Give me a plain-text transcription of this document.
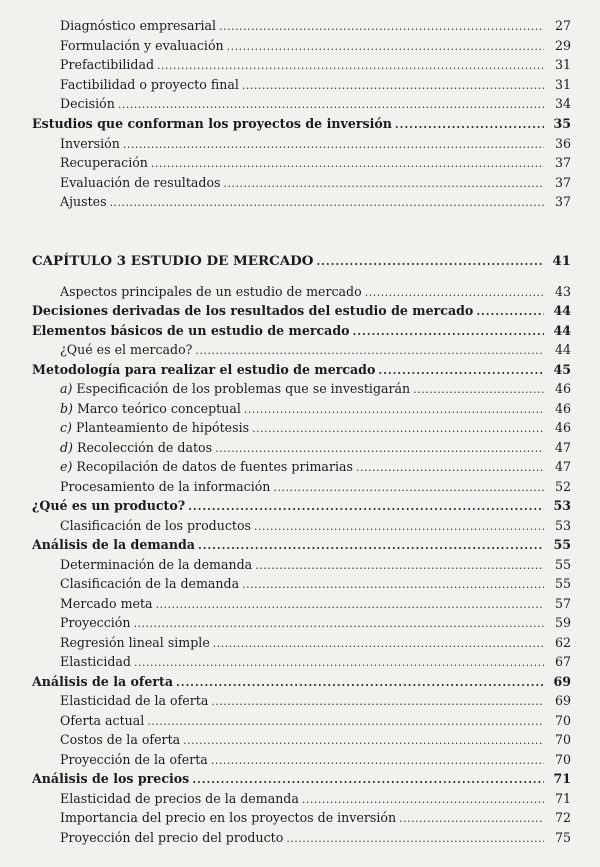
Diagnóstico empresarial .....	27
Formulación y evaluación .....	29
Prefactibilidad .....	31
Factibilidad o proyecto final .....	31
Decisión .....	34
Estudios que conforman los proyectos de inversión .....	35
Inversión .....	36
Recuperación .....	37
Evaluación de resultados .....	37
Ajustes .....	37
CAPÍTULO 3 ESTUDIO DE MERCADO .....	41
Aspectos principales de un estudio de mercado .....	43
Decisiones derivadas de los resultados del estudio de mercado .....	44
Elementos básicos de un estudio de mercado .....	44
¿Qué es el mercado? .....	44
Metodología para realizar el estudio de mercado .....	45
a) Especificación de los problemas que se investigarán .....	46
b) Marco teórico conceptual .....	46
c) Planteamiento de hipótesis .....	46
d) Recolección de datos .....	47
e) Recopilación de datos de fuentes primarias .....	47
Procesamiento de la información .....	52
¿Qué es un producto? .....	53
Clasificación de los productos .....	53
Análisis de la demanda .....	55
Determinación de la demanda .....	55
Clasificación de la demanda .....	55
Mercado meta .....	57
Proyección .....	59
Regresión lineal simple .....	62
Elasticidad .....	67
Análisis de la oferta .....	69
Elasticidad de la oferta .....	69
Oferta actual .....	70
Costos de la oferta .....	70
Proyección de la oferta .....	70
Análisis de los precios .....	71
Elasticidad de precios de la demanda .....	71
Importancia del precio en los proyectos de inversión .....	72
Proyección del precio del producto .....	75
